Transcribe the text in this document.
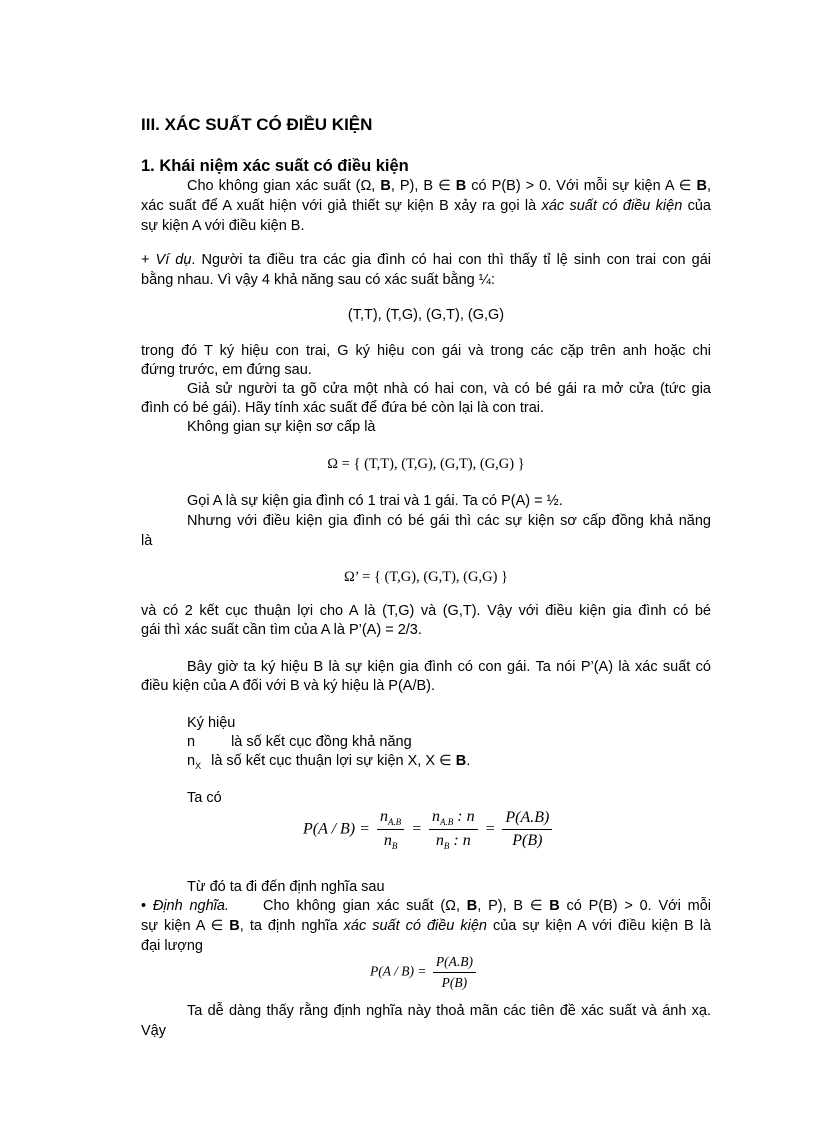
III. XÁC SUẤT CÓ ĐIỀU KIỆN
1. Khái niệm xác suất có điều kiện
Cho không gian xác suất (Ω, B, P), B ∈ B có P(B) > 0. Với mỗi sự kiện A ∈ B,
xác suất để A xuất hiện với giả thiết sự kiện B xảy ra gọi là xác suất có điều kiện của
sự kiện A với điều kiện B.
+ Ví dụ. Người ta điều tra các gia đình có hai con thì thấy tỉ lệ sinh con trai con gái
bằng nhau. Vì vậy 4 khả năng sau có xác suất bằng ¼:
(T,T), (T,G), (G,T), (G,G)
trong đó T ký hiệu con trai, G ký hiệu con gái và trong các cặp trên anh hoặc chi
đứng trước, em đứng sau.
Giả sử người ta gõ cửa một nhà có hai con, và có bé gái ra mở cửa (tức gia
đình có bé gái). Hãy tính xác suất để đứa bé còn lại là con trai.
Không gian sự kiện sơ cấp là
Ω = { (T,T), (T,G), (G,T), (G,G) }
Gọi A là sự kiện gia đình có 1 trai và 1 gái. Ta có P(A) = ½.
Nhưng với điều kiện gia đình có bé gái thì các sự kiện sơ cấp đồng khả năng
là
Ω’ = { (T,G), (G,T), (G,G) }
và có 2 kết cục thuận lợi cho A là (T,G) và (G,T). Vậy với điều kiện gia đình có bé
gái thì xác suất cần tìm của A là P’(A) = 2/3.
Bây giờ ta ký hiệu B là sự kiện gia đình có con gái. Ta nói P’(A) là xác suất có
điều kiện của A đối với B và ký hiệu là P(A/B).
Ký hiệu
n là số kết cục đồng khả năng
$n_X$ là số kết cục thuận lợi sự kiện X, X ∈ B.
Ta có
$P(A / B) = \frac{n_{A.B}}{n_B} = \frac{n_{A.B} : n}{n_B : n} = \frac{P(A.B)}{P(B)}$
Từ đó ta đi đến định nghĩa sau
• Định nghĩa. Cho không gian xác suất (Ω, B, P), B ∈ B có P(B) > 0. Với mỗi
sự kiện A ∈ B, ta định nghĩa xác suất có điều kiện của sự kiện A với điều kiện B là
đại lượng
$P(A / B) = \frac{P(A.B)}{P(B)}$
Ta dễ dàng thấy rằng định nghĩa này thoả mãn các tiên đề xác suất và ánh xạ.
Vậy
